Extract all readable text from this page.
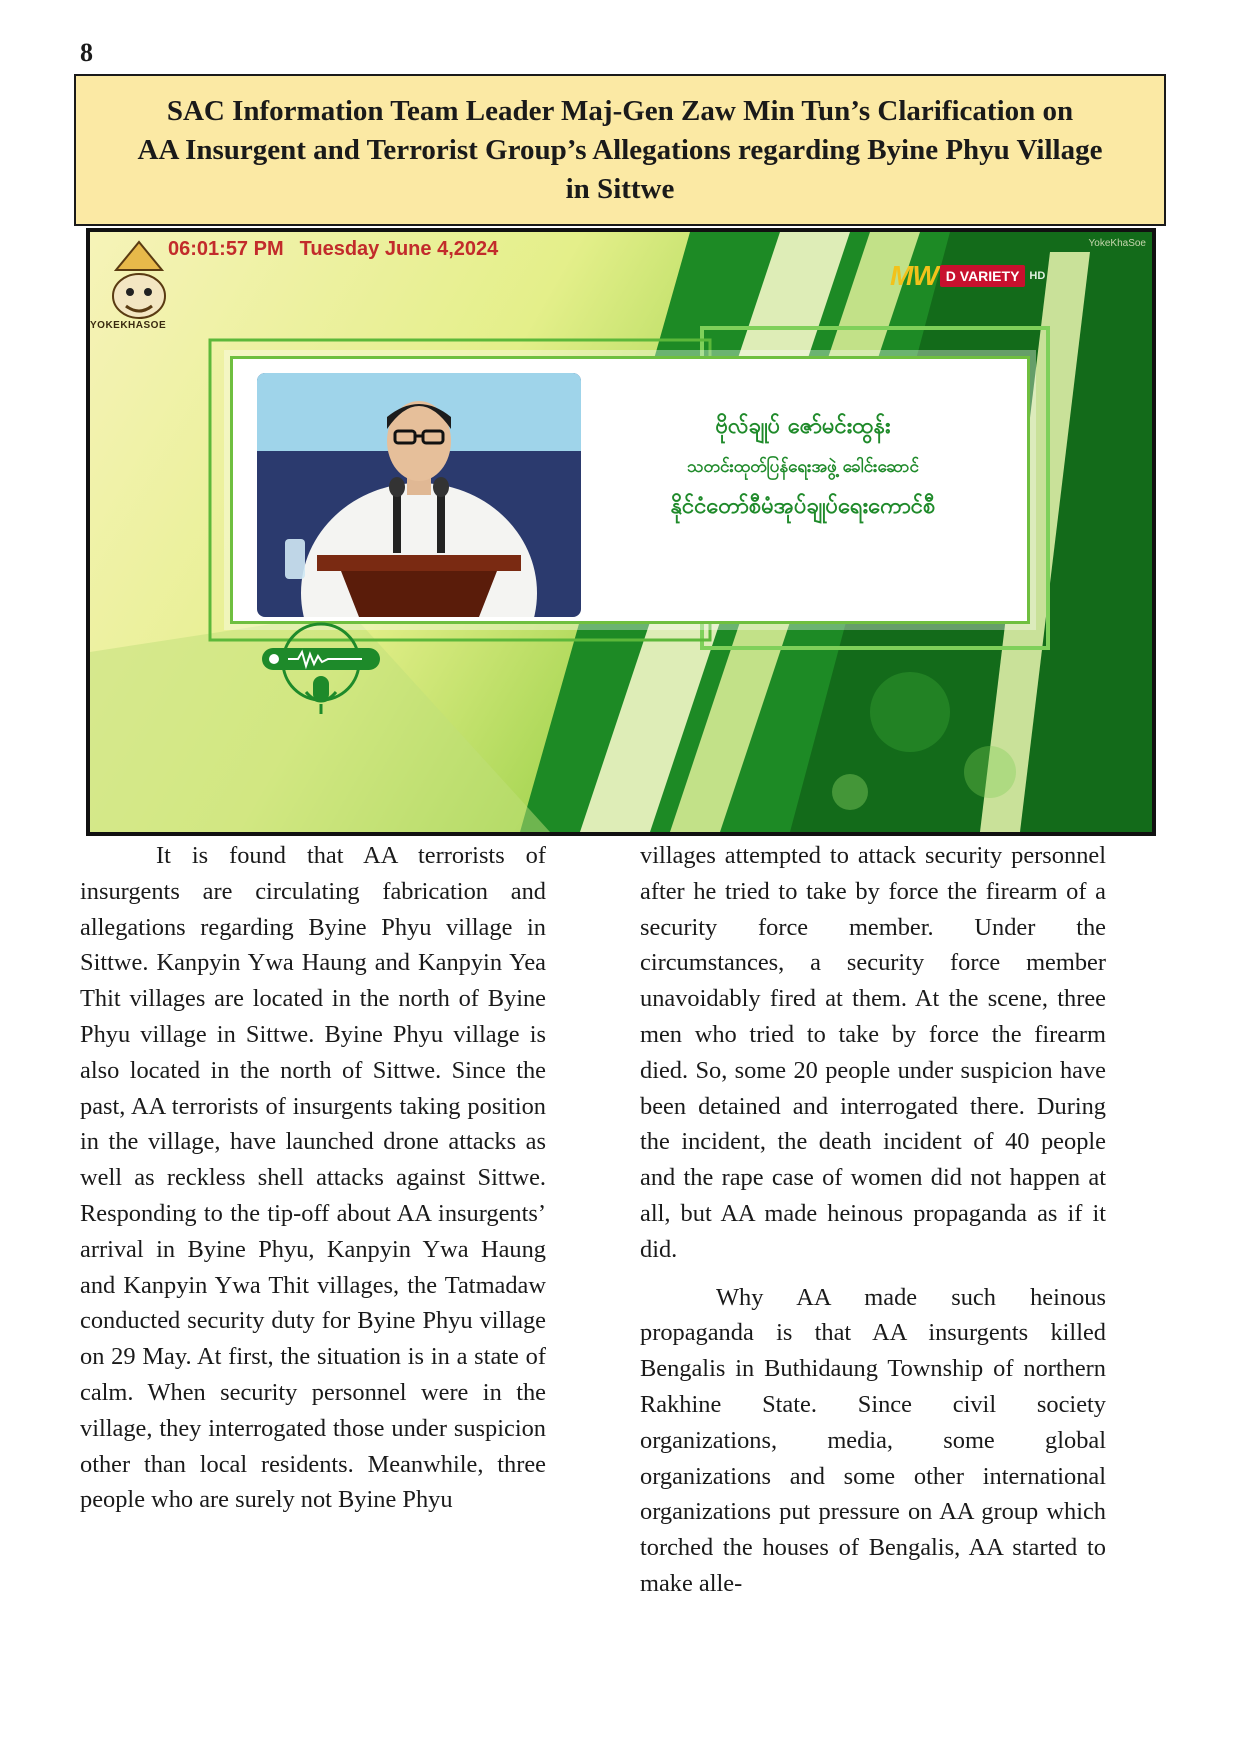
8
SAC Information Team Leader Maj-Gen Zaw Min Tun’s Clarification on
AA Insurgent and Terrorist Group’s Allegations regarding Byine Phyu Village
in Sittwe
YOKEKHASOE
06:01:57 PM Tuesday June 4,2024	YokeKhaSoe
MW D VARIETY HD
ဗိုလ်ချုပ် ဇော်မင်းထွန်း
သတင်းထုတ်ပြန်ရေးအဖွဲ့ ခေါင်းဆောင်
နိုင်ငံတော်စီမံအုပ်ချုပ်ရေးကောင်စီ

It is found that AA terrorists of insurgents are circulating fabrication and allegations regarding Byine Phyu village in Sittwe. Kanpyin Ywa Haung and Kanpyin Yea Thit villages are located in the north of Byine Phyu village in Sittwe. Byine Phyu village is also located in the north of Sittwe. Since the past, AA terrorists of insurgents taking position in the village, have launched drone attacks as well as reckless shell attacks against Sittwe. Responding to the tip-off about AA insurgents’ arrival in Byine Phyu, Kanpyin Ywa Haung and Kanpyin Ywa Thit villages, the Tatmadaw conducted security duty for Byine Phyu village on 29 May. At first, the situation is in a state of calm. When security personnel were in the village, they interrogated those under suspicion other than local residents. Meanwhile, three people who are surely not Byine Phyu

villages attempted to attack security personnel after he tried to take by force the firearm of a security force member. Under the circumstances, a security force member unavoidably fired at them. At the scene, three men who tried to take by force the firearm died. So, some 20 people under suspicion have been detained and interrogated there. During the incident, the death incident of 40 people and the rape case of women did not happen at all, but AA made heinous propaganda as if it did.

Why AA made such heinous propaganda is that AA insurgents killed Bengalis in Buthidaung Township of northern Rakhine State. Since civil society organizations, media, some global organizations and some other international organizations put pressure on AA group which torched the houses of Bengalis, AA started to make alle-
